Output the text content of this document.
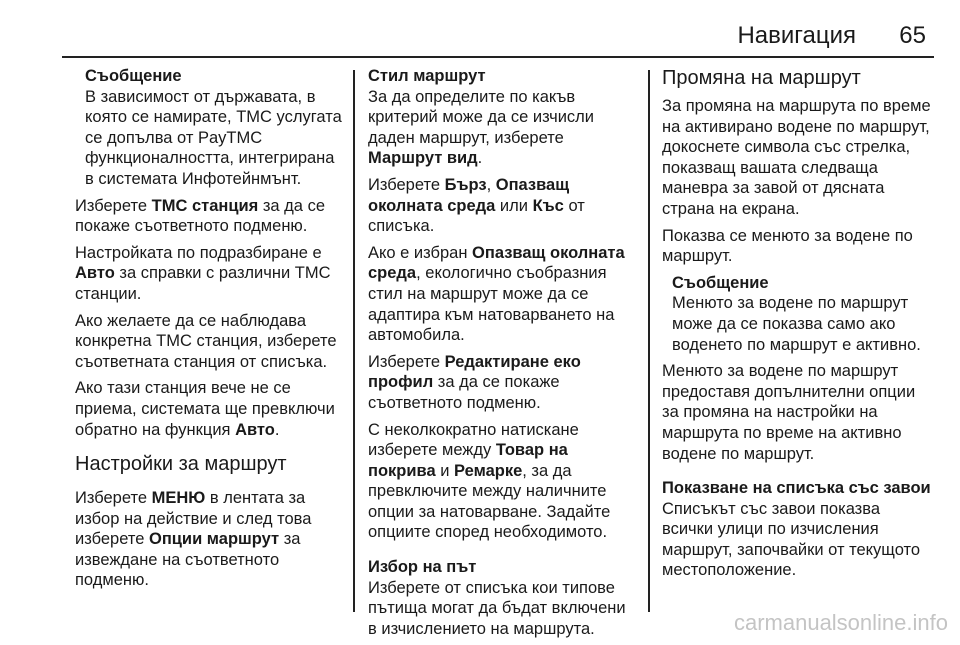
Навигация 65
Съобщение
В зависимост от държавата, в която се намирате, TMC услугата се допълва от PayTMC функционалността, интегрирана в системата Инфотейнмънт.

Изберете TMC станция за да се покаже съответното подменю.

Настройката по подразбиране е Авто за справки с различни TMC станции.

Ако желаете да се наблюдава конкретна TMC станция, изберете съответната станция от списъка.

Ако тази станция вече не се приема, системата ще превключи обратно на функция Авто.

Настройки за маршрут

Изберете МЕНЮ в лентата за избор на действие и след това изберете Опции маршрут за извеждане на съответното подменю.

Стил маршрут

За да определите по какъв критерий може да се изчисли даден маршрут, изберете Маршрут вид.

Изберете Бърз, Опазващ околната среда или Къс от списъка.

Ако е избран Опазващ околната среда, екологично съобразния стил на маршрут може да се адаптира към натоварването на автомобила.

Изберете Редактиране еко профил за да се покаже съответното подменю.

С неколкократно натискане изберете между Товар на покрива и Ремарке, за да превключите между наличните опции за натоварване. Задайте опциите според необходимото.

Избор на път

Изберете от списъка кои типове пътища могат да бъдат включени в изчислението на маршрута.

Промяна на маршрут

За промяна на маршрута по време на активирано водене по маршрут, докоснете символа със стрелка, показващ вашата следваща маневра за завой от дясната страна на екрана.

Показва се менюто за водене по маршрут.

Съобщение
Менюто за водене по маршрут може да се показва само ако воденето по маршрут е активно.

Менюто за водене по маршрут предоставя допълнителни опции за промяна на настройки на маршрута по време на активно водене по маршрут.

Показване на списъка със завои

Списъкът със завои показва всички улици по изчисления маршрут, започвайки от текущото местоположение.

carmanualsonline.info
